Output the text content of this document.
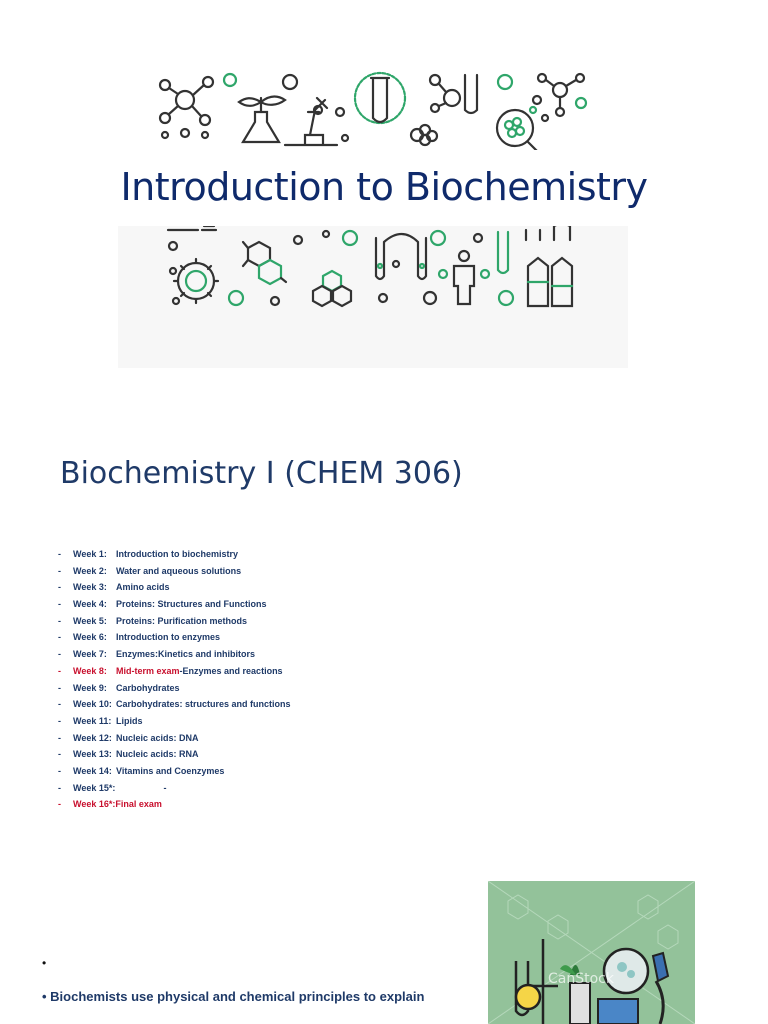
Introduction to Biochemistry
Biochemistry I (CHEM 306)
- Week 1: Introduction to biochemistry
- Week 2: Water and aqueous solutions
- Week 3: Amino acids
- Week 4: Proteins: Structures and Functions
- Week 5: Proteins: Purification methods
- Week 6: Introduction to enzymes
- Week 7: Enzymes:Kinetics and inhibitors
- Week 8: Mid-term exam-Enzymes and reactions
- Week 9: Carbohydrates
- Week 10: Carbohydrates: structures and functions
- Week 11: Lipids
- Week 12: Nucleic acids: DNA
- Week 13: Nucleic acids: RNA
- Week 14: Vitamins and Coenzymes
- Week 15*:                   -
- Week 16*:Final exam
•
• Biochemists use physical and chemical principles to explain
CanStock
